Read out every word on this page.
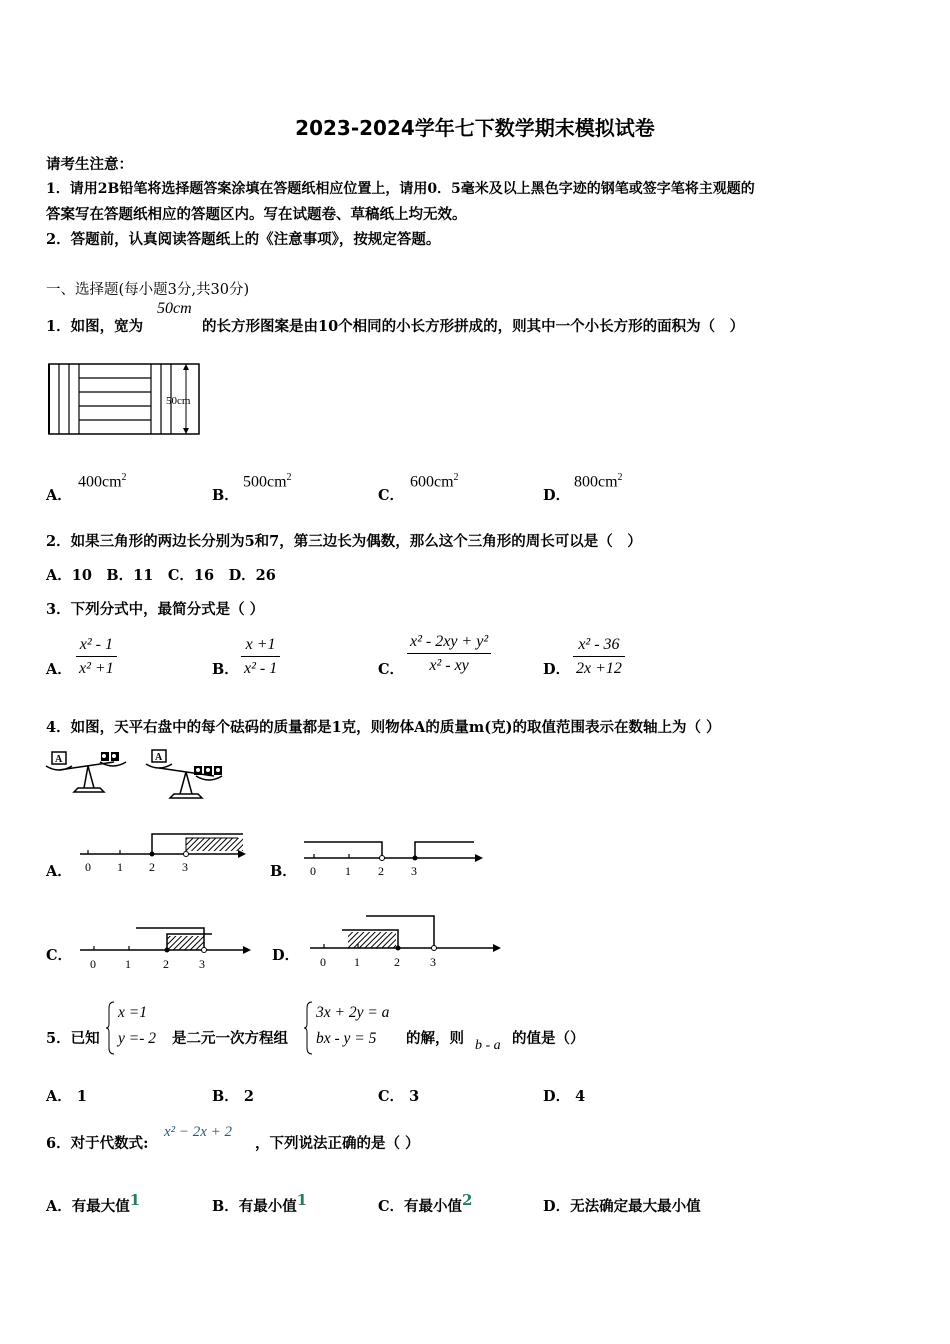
2023-2024学年七下数学期末模拟试卷
请考生注意：
1．请用2B铅笔将选择题答案涂填在答题纸相应位置上，请用0．5毫米及以上黑色字迹的钢笔或签字笔将主观题的
答案写在答题纸相应的答题区内。写在试题卷、草稿纸上均无效。
2．答题前，认真阅读答题纸上的《注意事项》，按规定答题。
一、选择题(每小题3分,共30分)
1．如图，宽为
50cm
的长方形图案是由10个相同的小长方形拼成的，则其中一个小长方形的面积为（　）
50cm
A．
$400cm^2$
B．
$500cm^2$
C．
$600cm^2$
D．
$800cm^2$
2．如果三角形的两边长分别为5和7，第三边长为偶数，那么这个三角形的周长可以是（　）
A．10　B．11　C．16　D．26
3．下列分式中，最简分式是（ ）
A． $\frac{\text{x² - 1}}{\text{x² +1}}$	B． $\frac{x +1}{\text{x² - 1}}$	C． $\frac{\text{x² - 2xy + y²}}{\text{x² - xy}}$	D． $\frac{\text{x² - 36}}{2x +12}$
4．如图，天平右盘中的每个砝码的质量都是1克，则物体A的质量m(克)的取值范围表示在数轴上为（ ）
A	A
A． 0 1 2 3	B． 0 1 2 3
C． 0 1	2	3	D． 0 1	2	3
5．已知
x =1
y =- 2 是二元一次方程组
3x + 2y = a
bx - y = 5	的解，则 b - a 的值是（）
A． 1	B． 2	C． 3	D． 4
6．对于代数式:
x² − 2x + 2
，下列说法正确的是（ ）
A．有最大值1	B．有最小值1	C．有最小值2	D．无法确定最大最小值
